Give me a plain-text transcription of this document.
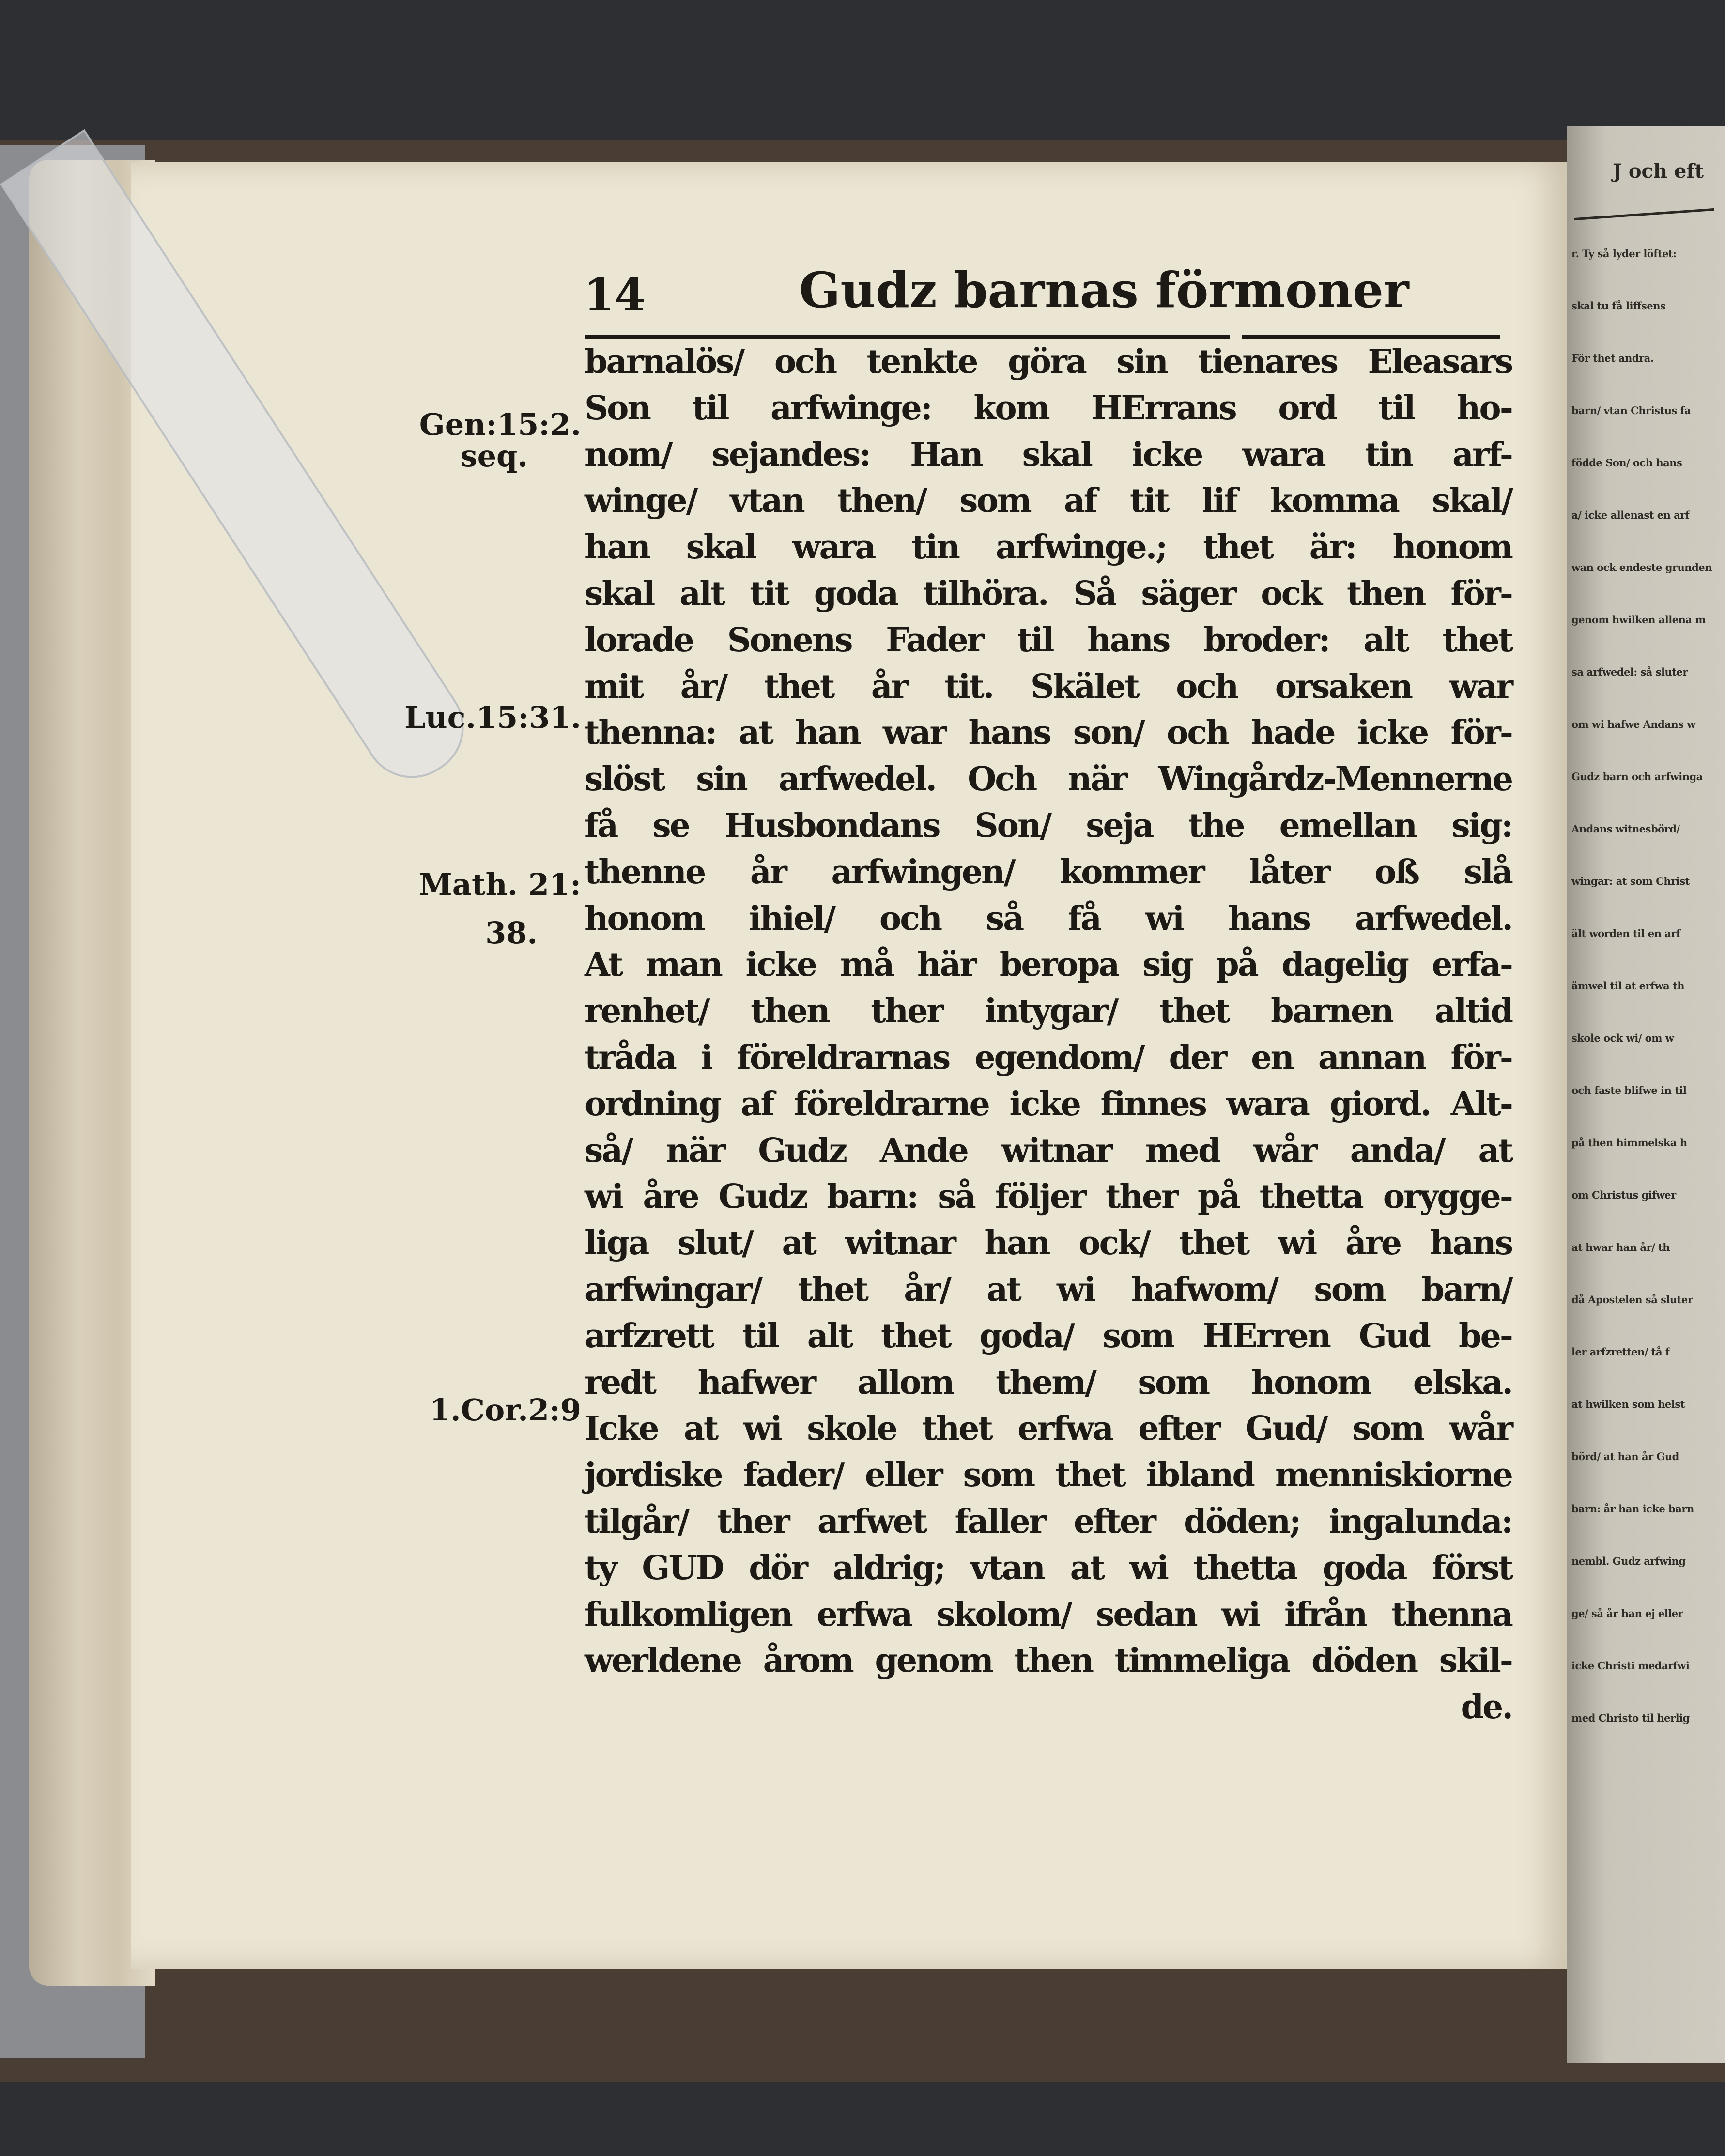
J och eft
r. Ty så lyder löftet:
skal tu få liffsens
För thet andra.
barn/ vtan Christus fa
födde Son/ och hans
a/ icke allenast en arf
wan ock endeste grunden
genom hwilken allena m
sa arfwedel: så sluter
om wi hafwe Andans w
Gudz barn och arfwinga
Andans witnesbörd/
wingar: at som Christ
ält worden til en arf
ämwel til at erfwa th
skole ock wi/ om w
och faste blifwe in til
på then himmelska h
om Christus gifwer
at hwar han år/ th
då Apostelen så sluter
ler arfzretten/ tå f
at hwilken som helst
börd/ at han år Gud
barn: år han icke barn
nembl. Gudz arfwing
ge/ så år han ej eller
icke Christi medarfwi
med Christo til herlig
14	Gudz barnas förmoner
barnalös/ och tenkte göra sin tienares Eleasars
Son til arfwinge: kom HErrans ord til ho-
nom/ sejandes: Han skal icke wara tin arf-
winge/ vtan then/ som af tit lif komma skal/
han skal wara tin arfwinge.; thet är: honom
skal alt tit goda tilhöra. Så säger ock then för-
lorade Sonens Fader til hans broder: alt thet
mit år/ thet år tit. Skälet och orsaken war
thenna: at han war hans son/ och hade icke för-
slöst sin arfwedel. Och när Wingårdz-Mennerne
få se Husbondans Son/ seja the emellan sig:
thenne år arfwingen/ kommer låter oß slå
honom ihiel/ och så få wi hans arfwedel.
At man icke må här beropa sig på dagelig erfa-
renhet/ then ther intygar/ thet barnen altid
tråda i föreldrarnas egendom/ der en annan för-
ordning af föreldrarne icke finnes wara giord. Alt-
så/ när Gudz Ande witnar med wår anda/ at
wi åre Gudz barn: så följer ther på thetta orygge-
liga slut/ at witnar han ock/ thet wi åre hans
arfwingar/ thet år/ at wi hafwom/ som barn/
arfzrett til alt thet goda/ som HErren Gud be-
redt hafwer allom them/ som honom elska.
Icke at wi skole thet erfwa efter Gud/ som wår
jordiske fader/ eller som thet ibland menniskiorne
tilgår/ ther arfwet faller efter döden; ingalunda:
ty GUD dör aldrig; vtan at wi thetta goda först
fulkomligen erfwa skolom/ sedan wi ifrån thenna
werldene årom genom then timmeliga döden skil-
de.
Gen:15:2.
seq.
Luc.15:31.
Math. 21:
38.
1.Cor.2:9
